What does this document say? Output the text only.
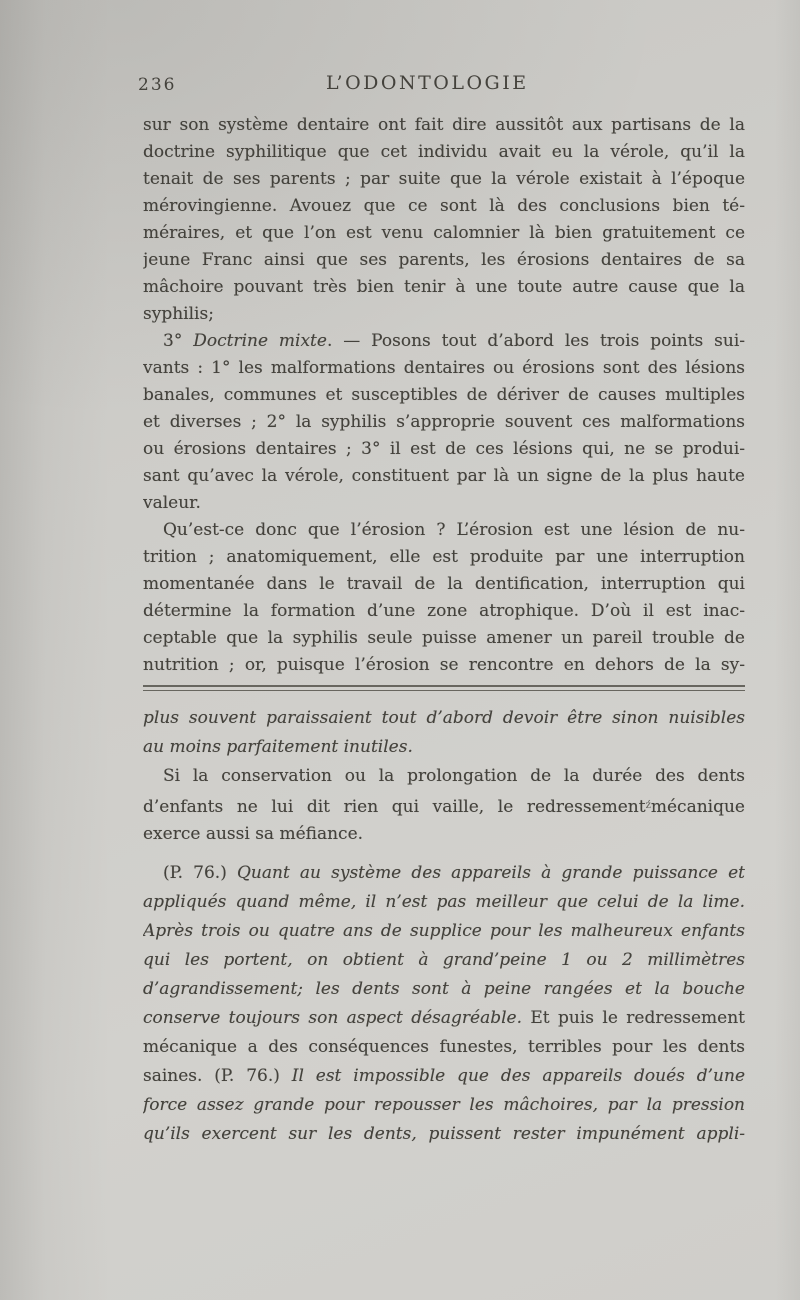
236	L’ODONTOLOGIE
sur son système dentaire ont fait dire aussitôt aux partisans de la
doctrine syphilitique que cet individu avait eu la vérole, qu’il la
tenait de ses parents ; par suite que la vérole existait à l’époque
mérovingienne. Avouez que ce sont là des conclusions bien té-
méraires, et que l’on est venu calomnier là bien gratuitement ce
jeune Franc ainsi que ses parents, les érosions dentaires de sa
mâchoire pouvant très bien tenir à une toute autre cause que la
syphilis;
3° Doctrine mixte. — Posons tout d’abord les trois points sui-
vants : 1° les malformations dentaires ou érosions sont des lésions
banales, communes et susceptibles de dériver de causes multiples
et diverses ; 2° la syphilis s’approprie souvent ces malformations
ou érosions dentaires ; 3° il est de ces lésions qui, ne se produi-
sant qu’avec la vérole, constituent par là un signe de la plus haute
valeur.
Qu’est-ce donc que l’érosion ? L’érosion est une lésion de nu-
trition ; anatomiquement, elle est produite par une interruption
momentanée dans le travail de la dentification, interruption qui
détermine la formation d’une zone atrophique. D’où il est inac-
ceptable que la syphilis seule puisse amener un pareil trouble de
nutrition ; or, puisque l’érosion se rencontre en dehors de la sy-
plus souvent paraissaient tout d’abord devoir être sinon nuisibles
au moins parfaitement inutiles.
Si la conservation ou la prolongation de la durée des dents
d’enfants ne lui dit rien qui vaille, le redressement$^ź$mécanique
exerce aussi sa méfiance.
(P. 76.) Quant au système des appareils à grande puissance et
appliqués quand même, il n’est pas meilleur que celui de la lime.
Après trois ou quatre ans de supplice pour les malheureux enfants
qui les portent, on obtient à grand’peine 1 ou 2 millimètres
d’agrandissement; les dents sont à peine rangées et la bouche
conserve toujours son aspect désagréable. Et puis le redressement
mécanique a des conséquences funestes, terribles pour les dents
saines. (P. 76.) Il est impossible que des appareils doués d’une
force assez grande pour repousser les mâchoires, par la pression
qu’ils exercent sur les dents, puissent rester impunément appli-
